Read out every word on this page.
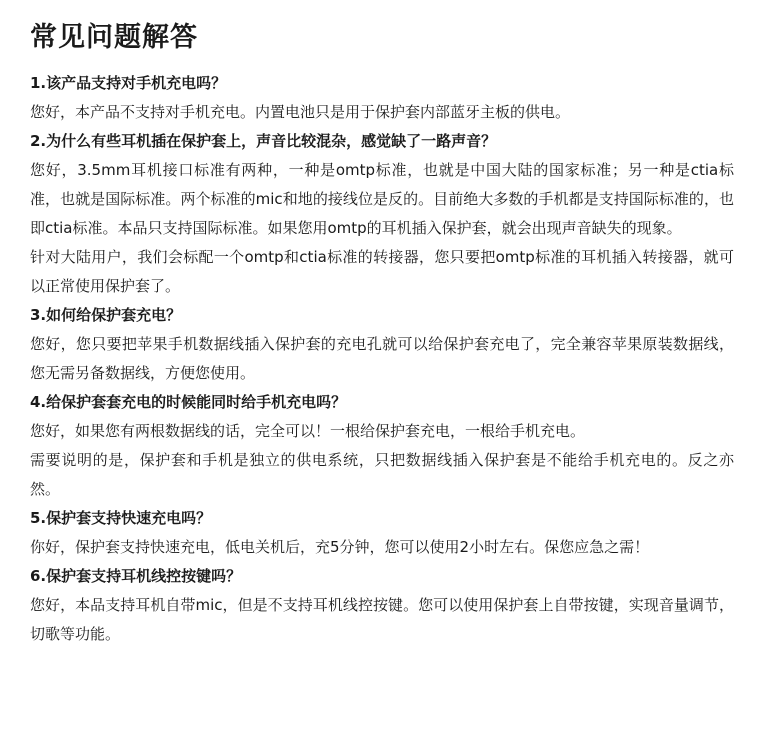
常见问题解答

1.该产品支持对手机充电吗？

您好，本产品不支持对手机充电。内置电池只是用于保护套内部蓝牙主板的供电。

2.为什么有些耳机插在保护套上，声音比较混杂，感觉缺了一路声音？

您好，3.5mm耳机接口标准有两种，一种是omtp标准，也就是中国大陆的国家标准；另一种是ctia标准，也就是国际标准。两个标准的mic和地的接线位是反的。目前绝大多数的手机都是支持国际标准的，也即ctia标准。本品只支持国际标准。如果您用omtp的耳机插入保护套，就会出现声音缺失的现象。

针对大陆用户，我们会标配一个omtp和ctia标准的转接器，您只要把omtp标准的耳机插入转接器，就可以正常使用保护套了。

3.如何给保护套充电？

您好，您只要把苹果手机数据线插入保护套的充电孔就可以给保护套充电了，完全兼容苹果原装数据线，您无需另备数据线，方便您使用。

4.给保护套套充电的时候能同时给手机充电吗？

您好，如果您有两根数据线的话，完全可以！一根给保护套充电，一根给手机充电。

需要说明的是，保护套和手机是独立的供电系统，只把数据线插入保护套是不能给手机充电的。反之亦然。

5.保护套支持快速充电吗？

你好，保护套支持快速充电，低电关机后，充5分钟，您可以使用2小时左右。保您应急之需！

6.保护套支持耳机线控按键吗？

您好，本品支持耳机自带mic，但是不支持耳机线控按键。您可以使用保护套上自带按键，实现音量调节，切歌等功能。
